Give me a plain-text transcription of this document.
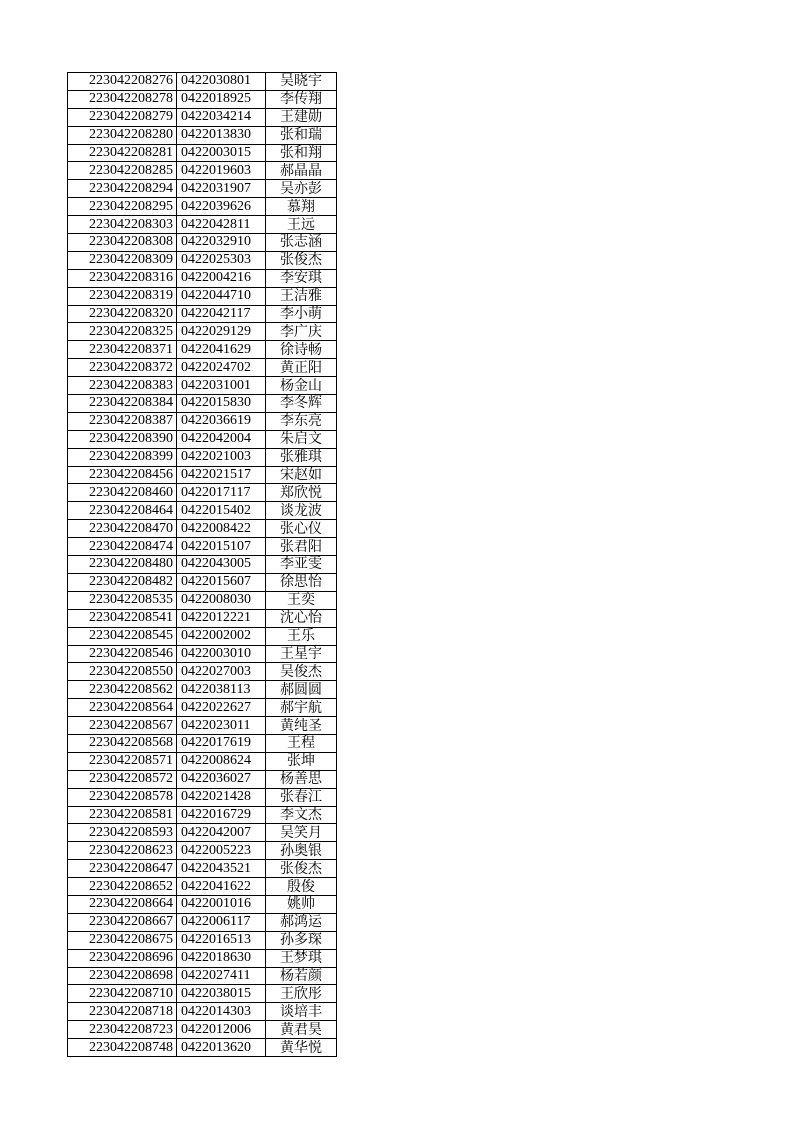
223042208276	0422030801	吴晓宇
223042208278	0422018925	李传翔
223042208279	0422034214	王建勋
223042208280	0422013830	张和瑞
223042208281	0422003015	张和翔
223042208285	0422019603	郝晶晶
223042208294	0422031907	吴亦彭
223042208295	0422039626	慕翔
223042208303	0422042811	王远
223042208308	0422032910	张志涵
223042208309	0422025303	张俊杰
223042208316	0422004216	李安琪
223042208319	0422044710	王洁雅
223042208320	0422042117	李小萌
223042208325	0422029129	李广庆
223042208371	0422041629	徐诗畅
223042208372	0422024702	黄正阳
223042208383	0422031001	杨金山
223042208384	0422015830	李冬辉
223042208387	0422036619	李东亮
223042208390	0422042004	朱启文
223042208399	0422021003	张雅琪
223042208456	0422021517	宋赵如
223042208460	0422017117	郑欣悦
223042208464	0422015402	谈龙波
223042208470	0422008422	张心仪
223042208474	0422015107	张君阳
223042208480	0422043005	李亚雯
223042208482	0422015607	徐思怡
223042208535	0422008030	王奕
223042208541	0422012221	沈心怡
223042208545	0422002002	王乐
223042208546	0422003010	王星宇
223042208550	0422027003	吴俊杰
223042208562	0422038113	郝圆圆
223042208564	0422022627	郝宇航
223042208567	0422023011	黄纯圣
223042208568	0422017619	王程
223042208571	0422008624	张坤
223042208572	0422036027	杨善思
223042208578	0422021428	张春江
223042208581	0422016729	李文杰
223042208593	0422042007	吴笑月
223042208623	0422005223	孙奥银
223042208647	0422043521	张俊杰
223042208652	0422041622	殷俊
223042208664	0422001016	姚帅
223042208667	0422006117	郝鸿运
223042208675	0422016513	孙多琛
223042208696	0422018630	王梦琪
223042208698	0422027411	杨若颜
223042208710	0422038015	王欣彤
223042208718	0422014303	谈培丰
223042208723	0422012006	黄君昊
223042208748	0422013620	黄华悦
